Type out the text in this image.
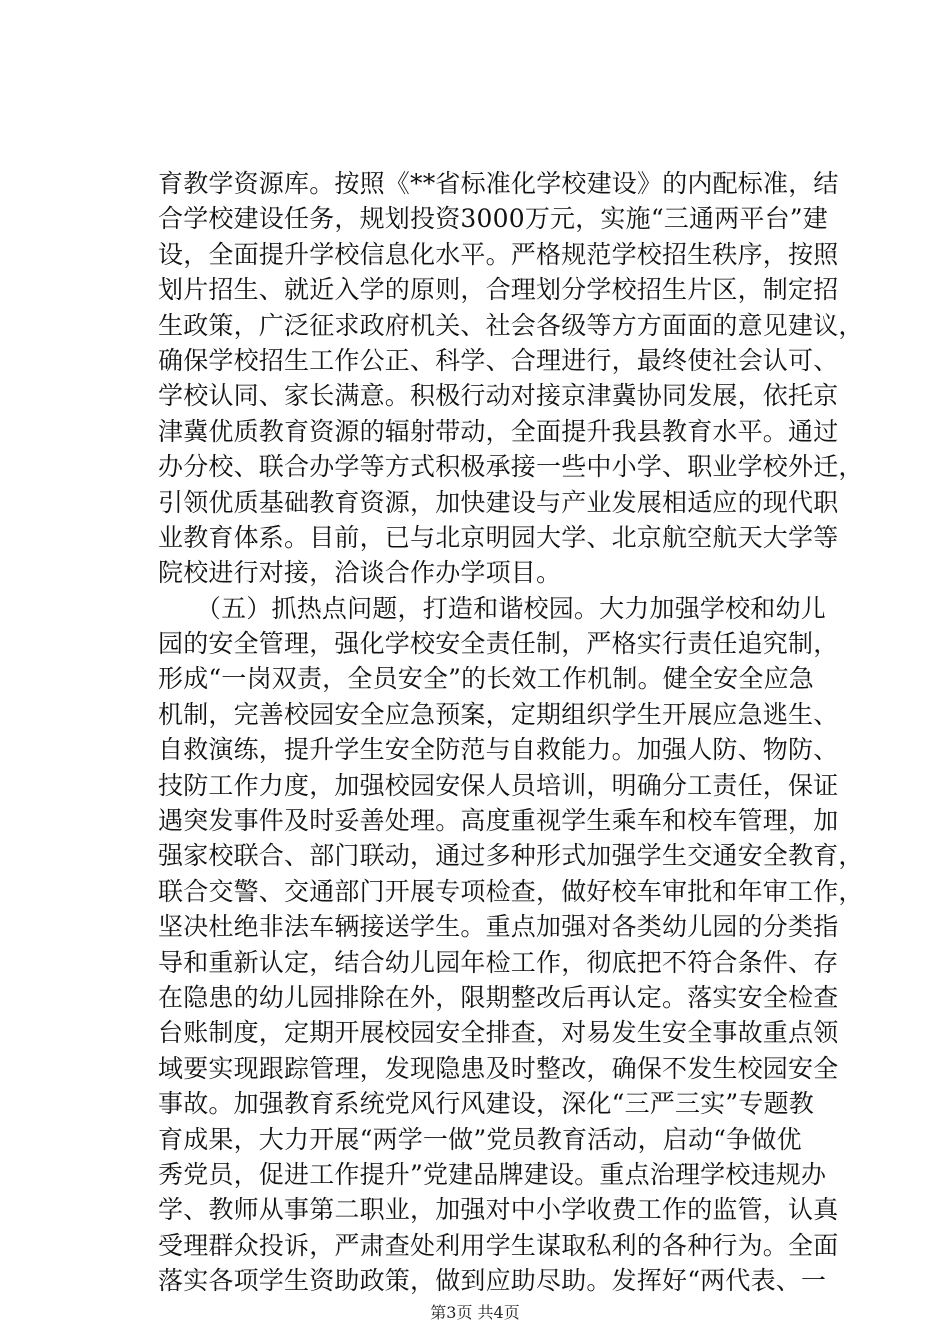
育教学资源库。按照《**省标准化学校建设》的内配标准，结
合学校建设任务，规划投资3000万元，实施“三通两平台”建
设，全面提升学校信息化水平。严格规范学校招生秩序，按照
划片招生、就近入学的原则，合理划分学校招生片区，制定招
生政策，广泛征求政府机关、社会各级等方方面面的意见建议，
确保学校招生工作公正、科学、合理进行，最终使社会认可、
学校认同、家长满意。积极行动对接京津冀协同发展，依托京
津冀优质教育资源的辐射带动，全面提升我县教育水平。通过
办分校、联合办学等方式积极承接一些中小学、职业学校外迁，
引领优质基础教育资源，加快建设与产业发展相适应的现代职
业教育体系。目前，已与北京明园大学、北京航空航天大学等
院校进行对接，洽谈合作办学项目。
　　（五）抓热点问题，打造和谐校园。大力加强学校和幼儿
园的安全管理，强化学校安全责任制，严格实行责任追究制，
形成“一岗双责，全员安全”的长效工作机制。健全安全应急
机制，完善校园安全应急预案，定期组织学生开展应急逃生、
自救演练，提升学生安全防范与自救能力。加强人防、物防、
技防工作力度，加强校园安保人员培训，明确分工责任，保证
遇突发事件及时妥善处理。高度重视学生乘车和校车管理，加
强家校联合、部门联动，通过多种形式加强学生交通安全教育，
联合交警、交通部门开展专项检查，做好校车审批和年审工作，
坚决杜绝非法车辆接送学生。重点加强对各类幼儿园的分类指
导和重新认定，结合幼儿园年检工作，彻底把不符合条件、存
在隐患的幼儿园排除在外，限期整改后再认定。落实安全检查
台账制度，定期开展校园安全排查，对易发生安全事故重点领
域要实现跟踪管理，发现隐患及时整改，确保不发生校园安全
事故。加强教育系统党风行风建设，深化“三严三实”专题教
育成果，大力开展“两学一做”党员教育活动，启动“争做优
秀党员，促进工作提升”党建品牌建设。重点治理学校违规办
学、教师从事第二职业，加强对中小学收费工作的监管，认真
受理群众投诉，严肃查处利用学生谋取私利的各种行为。全面
落实各项学生资助政策，做到应助尽助。发挥好“两代表、一
第3页 共4页
